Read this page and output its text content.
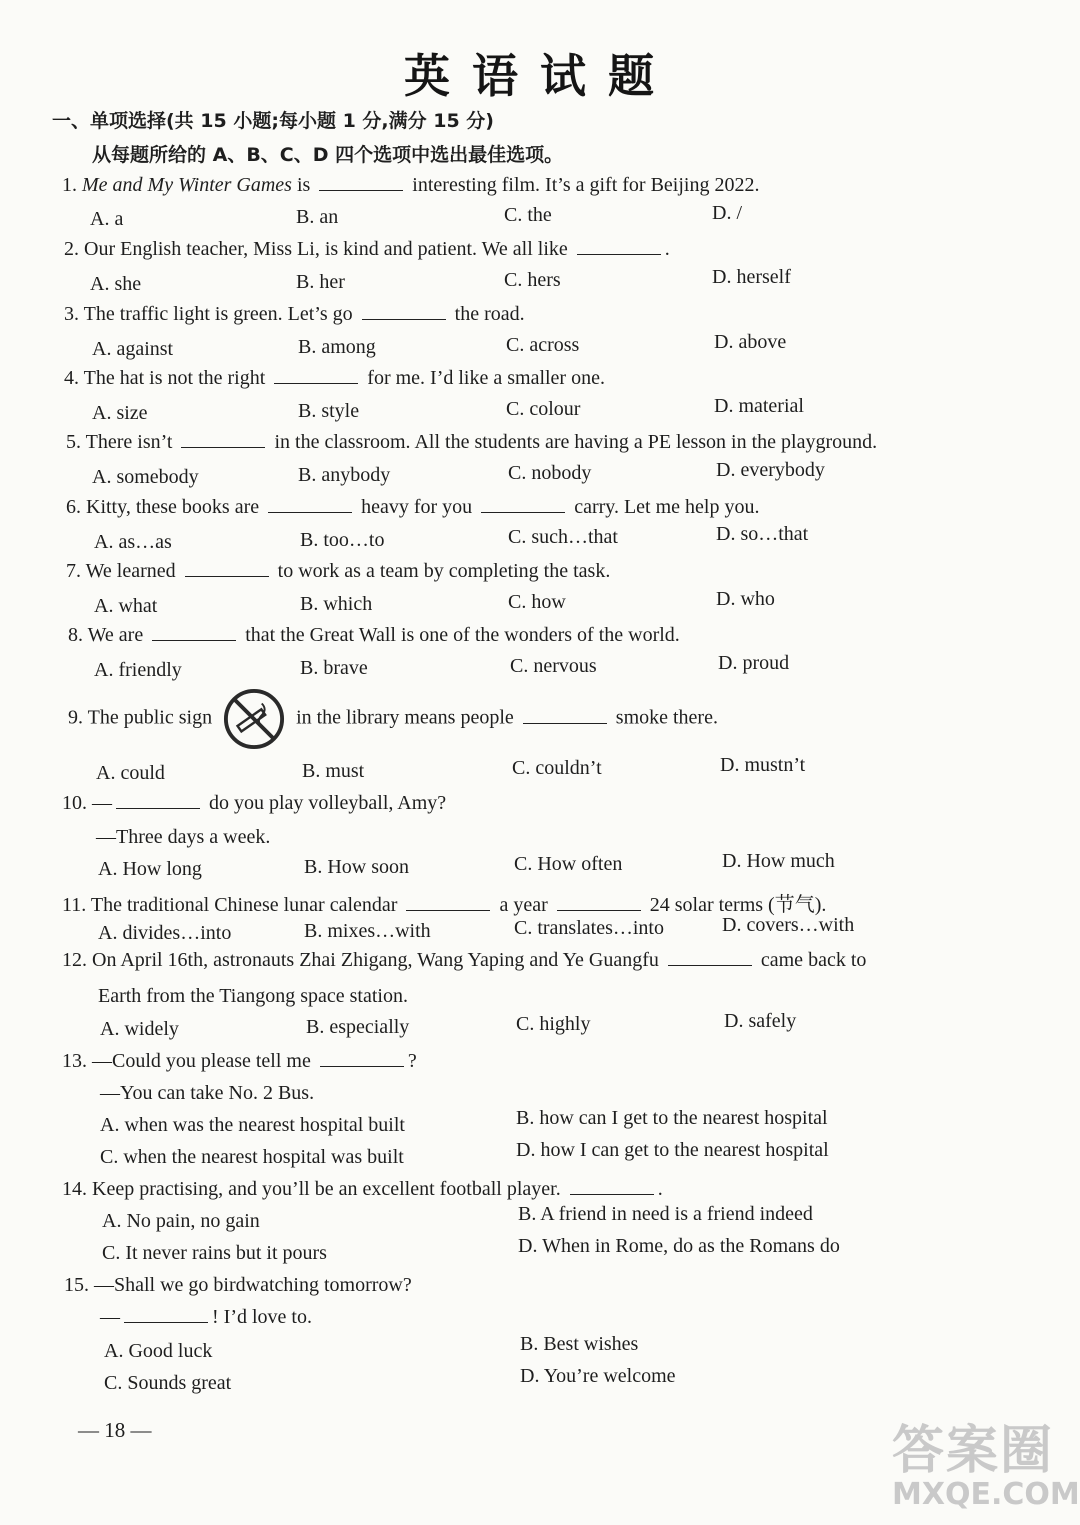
英语试题
一、单项选择(共 15 小题;每小题 1 分,满分 15 分)
从每题所给的 A、B、C、D 四个选项中选出最佳选项。
1. Me and My Winter Games is	interesting film. It’s a gift for Beijing 2022.
A. a	B. an	C. the	D. /
2. Our English teacher, Miss Li, is kind and patient. We all like	.
A. she	B. her	C. hers	D. herself
3. The traffic light is green. Let’s go	the road.
A. against	B. among	C. across	D. above
4. The hat is not the right	for me. I’d like a smaller one.
A. size	B. style	C. colour	D. material
5. There isn’t	in the classroom. All the students are having a PE lesson in the playground.
A. somebody	B. anybody	C. nobody	D. everybody
6. Kitty, these books are	heavy for you	carry. Let me help you.
A. as…as	B. too…to	C. such…that	D. so…that
7. We learned	to work as a team by completing the task.
A. what	B. which	C. how	D. who
8. We are	that the Great Wall is one of the wonders of the world.
A. friendly	B. brave	C. nervous	D. proud
9. The public sign	in the library means people	smoke there.
A. could	B. must	C. couldn’t	D. mustn’t
10. —	do you play volleyball, Amy?
—Three days a week.
A. How long	B. How soon	C. How often	D. How much
11. The traditional Chinese lunar calendar	a year	24 solar terms (节气).
A. divides…into	B. mixes…with	C. translates…into	D. covers…with
12. On April 16th, astronauts Zhai Zhigang, Wang Yaping and Ye Guangfu	came back to
Earth from the Tiangong space station.
A. widely	B. especially	C. highly	D. safely
13. —Could you please tell me	?
—You can take No. 2 Bus.
A. when was the nearest hospital built	B. how can I get to the nearest hospital
C. when the nearest hospital was built	D. how I can get to the nearest hospital
14. Keep practising, and you’ll be an excellent football player.	.
A. No pain, no gain	B. A friend in need is a friend indeed
C. It never rains but it pours	D. When in Rome, do as the Romans do
15. —Shall we go birdwatching tomorrow?
—	! I’d love to.
A. Good luck	B. Best wishes
C. Sounds great	D. You’re welcome
— 18 —	答案圈
MXQE.COM
